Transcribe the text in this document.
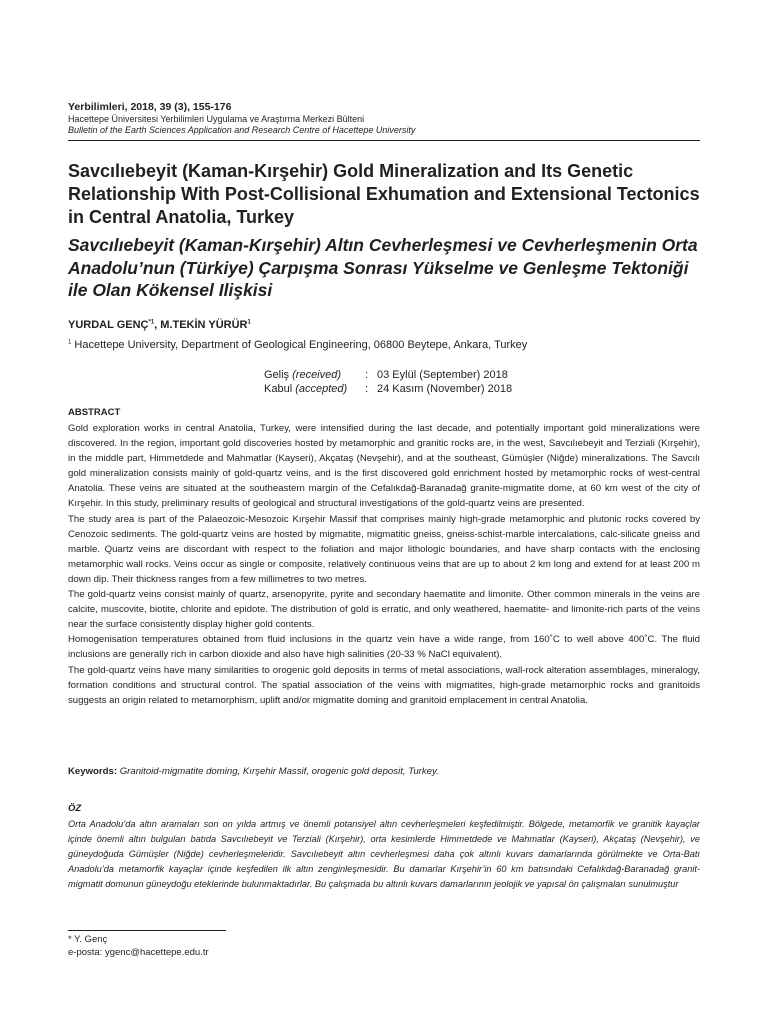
Yerbilimleri, 2018, 39 (3), 155-176
Hacettepe Üniversitesi Yerbilimleri Uygulama ve Araştırma Merkezi Bülteni
Bulletin of the Earth Sciences Application and Research Centre of Hacettepe University
Savcılıebeyit (Kaman-Kırşehir) Gold Mineralization and Its Genetic Relationship With Post-Collisional Exhumation and Extensional Tectonics in Central Anatolia, Turkey
Savcılıebeyit (Kaman-Kırşehir) Altın Cevherleşmesi ve Cevherleşmenin Orta Anadolu’nun (Türkiye) Çarpışma Sonrası Yükselme ve Genleşme Tektoniği ile Olan Kökensel Ilişkisi
YURDAL GENÇ$^{*1}$, M.TEKİN YÜRÜR$^1$
$^1$ Hacettepe University, Department of Geological Engineering, 06800 Beytepe, Ankara, Turkey
Geliş (received)	: 03 Eylül (September) 2018
Kabul (accepted)	: 24 Kasım (November) 2018
ABSTRACT

Gold exploration works in central Anatolia, Turkey, were intensified during the last decade, and potentially important gold mineralizations were discovered. In the region, important gold discoveries hosted by metamorphic and granitic rocks are, in the west, Savcılıebeyit and Terziali (Kırşehir), in the middle part, Himmetdede and Mahmatlar (Kayseri), Akçataş (Nevşehir), and at the southeast, Gümüşler (Niğde) mineralizations. The Savcılı gold mineralization consists mainly of gold-quartz veins, and is the first discovered gold enrichment hosted by metamorphic rocks of west-central Anatolia. These veins are situated at the southeastern margin of the Cefalıkdağ-Baranadağ granite-migmatite dome, at 60 km west of the city of Kırşehir. In this study, preliminary results of geological and structural investigations of the gold-quartz veins are presented.

The study area is part of the Palaeozoic-Mesozoic Kırşehir Massif that comprises mainly high-grade metamorphic and plutonic rocks covered by Cenozoic sediments. The gold-quartz veins are hosted by migmatite, migmatitic gneiss, gneiss-schist-marble intercalations, calc-silicate gneiss and marble. Quartz veins are discordant with respect to the foliation and major lithologic boundaries, and have sharp contacts with the enclosing metamorphic wall rocks. Veins occur as single or composite, relatively continuous veins that are up to about 2 km long and extend for at least 200 m down dip. Their thickness ranges from a few millimetres to two metres.

The gold-quartz veins consist mainly of quartz, arsenopyrite, pyrite and secondary haematite and limonite. Other common minerals in the veins are calcite, muscovite, biotite, chlorite and epidote. The distribution of gold is erratic, and only weathered, haematite- and limonite-rich parts of the veins near the surface consistently display higher gold contents.

Homogenisation temperatures obtained from fluid inclusions in the quartz vein have a wide range, from 160˚C to well above 400˚C. The fluid inclusions are generally rich in carbon dioxide and also have high salinities (20-33 % NaCl equivalent).

The gold-quartz veins have many similarities to orogenic gold deposits in terms of metal associations, wall-rock alteration assemblages, mineralogy, formation conditions and structural control. The spatial association of the veins with migmatites, high-grade metamorphic rocks and granitoids suggests an origin related to metamorphism, uplift and/or migmatite doming and granitoid emplacement in central Anatolia.

Keywords: Granitoid-migmatite doming, Kırşehir Massif, orogenic gold deposit, Turkey.
ÖZ

Orta Anadolu’da altın aramaları son on yılda artmış ve önemli potansiyel altın cevherleşmeleri keşfedilmiştir. Bölgede, metamorfik ve granitik kayaçlar içinde önemli altın bulguları batıda Savcılıebeyit ve Terziali (Kırşehir), orta kesimlerde Himmetdede ve Mahmatlar (Kayseri), Akçataş (Nevşehir), ve güneydoğuda Gümüşler (Niğde) cevherleşmeleridir. Savcılıebeyit altın cevherleşmesi daha çok altınlı kuvars damarlarında görülmekte ve Orta-Batı Anadolu’da metamorfik kayaçlar içinde keşfedilen ilk altın zenginleşmesidir. Bu damarlar Kırşehir’in 60 km batısındaki Cefalıkdağ-Baranadağ granit-migmatit domunun güneydoğu eteklerinde bulunmaktadırlar. Bu çalışmada bu altınlı kuvars damarlarının jeolojik ve yapısal ön çalışmaları sunulmuştur

* Y. Genç
e-posta: ygenc@hacettepe.edu.tr
